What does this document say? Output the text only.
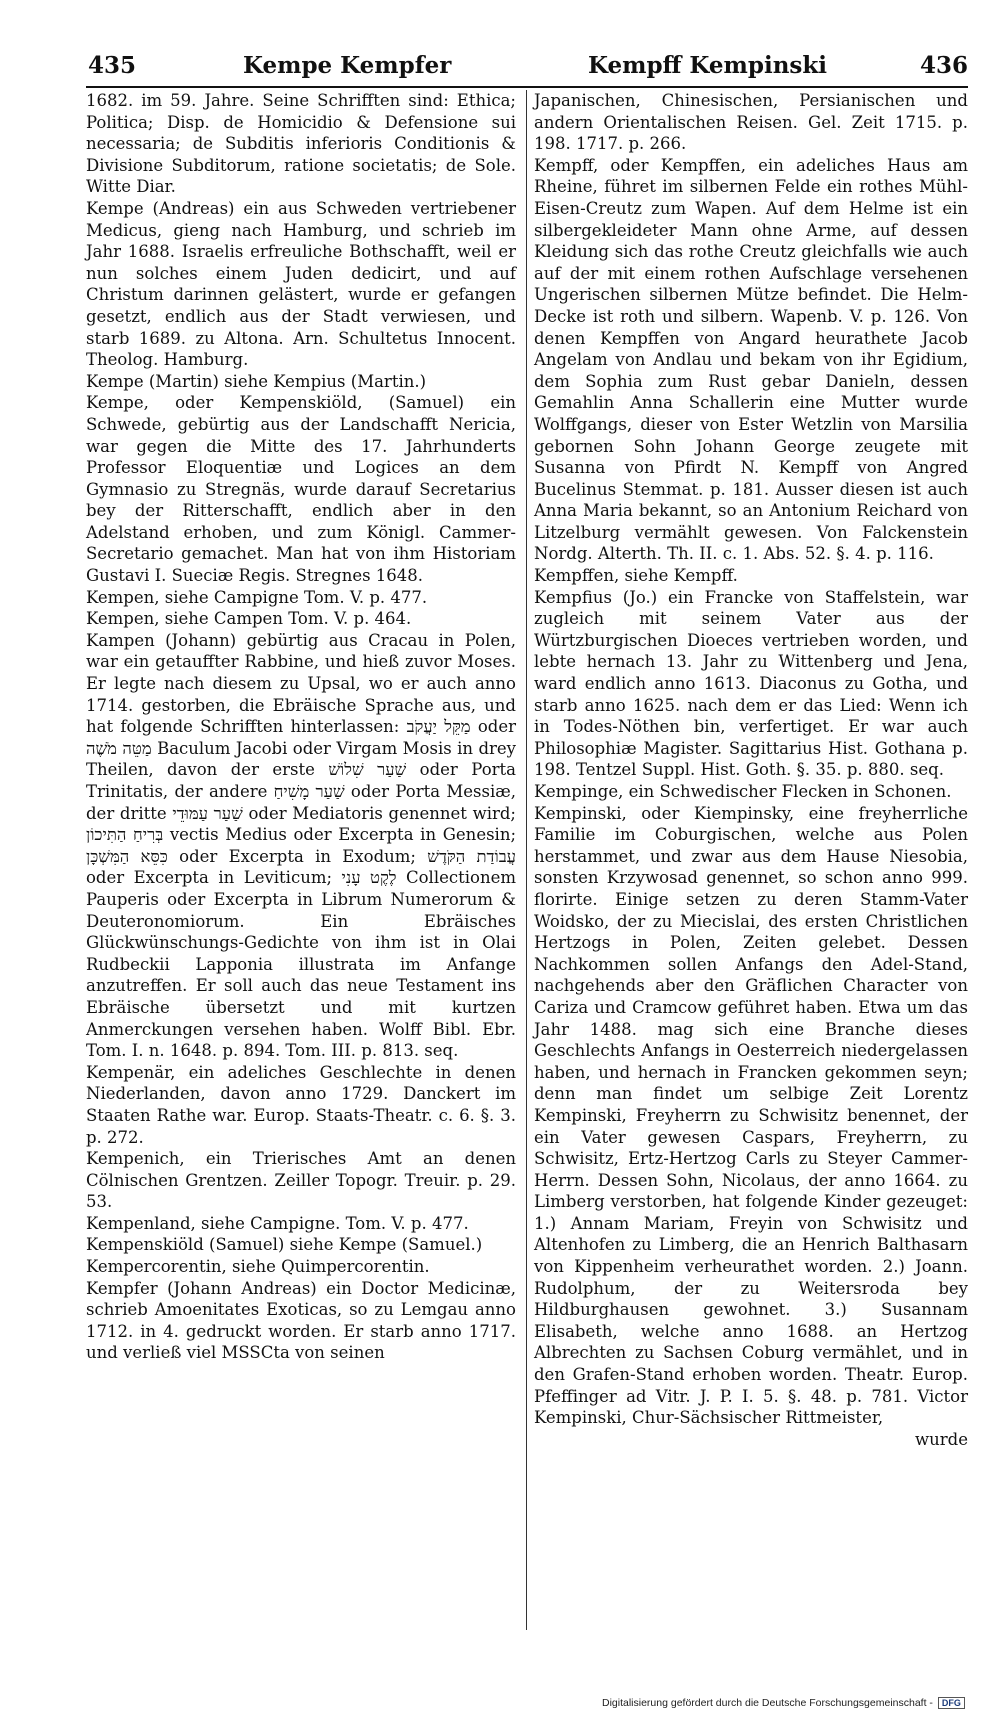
435	Kempe Kempfer	Kempff Kempinski	436

1682. im 59. Jahre. Seine Schrifften sind: Ethica; Politica; Disp. de Homicidio & Defensione sui necessaria; de Subditis inferioris Conditionis & Divisione Subditorum, ratione societatis; de Sole. Witte Diar.

Kempe (Andreas) ein aus Schweden vertriebener Medicus, gieng nach Hamburg, und schrieb im Jahr 1688. Israelis erfreuliche Bothschafft, weil er nun solches einem Juden dedicirt, und auf Christum darinnen gelästert, wurde er gefangen gesetzt, endlich aus der Stadt verwiesen, und starb 1689. zu Altona. Arn. Schultetus Innocent. Theolog. Hamburg.

Kempe (Martin) siehe Kempius (Martin.)

Kempe, oder Kempenskiöld, (Samuel) ein Schwede, gebürtig aus der Landschafft Nericia, war gegen die Mitte des 17. Jahrhunderts Professor Eloquentiæ und Logices an dem Gymnasio zu Stregnäs, wurde darauf Secretarius bey der Ritterschafft, endlich aber in den Adelstand erhoben, und zum Königl. Cammer-Secretario gemachet. Man hat von ihm Historiam Gustavi I. Sueciæ Regis. Stregnes 1648.

Kempen, siehe Campigne Tom. V. p. 477.

Kempen, siehe Campen Tom. V. p. 464.

Kampen (Johann) gebürtig aus Cracau in Polen, war ein getauffter Rabbine, und hieß zuvor Moses. Er legte nach diesem zu Upsal, wo er auch anno 1714. gestorben, die Ebräische Sprache aus, und hat folgende Schrifften hinterlassen: מַקֵּל יַעֲקֹב oder מַטֵּה מֹשֶׁה Baculum Jacobi oder Virgam Mosis in drey Theilen, davon der erste שַׁעַר שִׁלוֹשׁ oder Porta Trinitatis, der andere שַׁעַר מָשִׁיחַ oder Porta Messiæ, der dritte שַׁעַר עַמּוּדֵי oder Mediatoris genennet wird; בְּרִיחַ הַתִּיכוֹן vectis Medius oder Excerpta in Genesin; כִּסֵּא הַמִּשְׁכָּן oder Excerpta in Exodum; עֲבוֹדַת הַקֹּדֶשׁ oder Excerpta in Leviticum; לֶקֶט עָנִי Collectionem Pauperis oder Excerpta in Librum Numerorum & Deuteronomiorum. Ein Ebräisches Glückwünschungs-Gedichte von ihm ist in Olai Rudbeckii Lapponia illustrata im Anfange anzutreffen. Er soll auch das neue Testament ins Ebräische übersetzt und mit kurtzen Anmerckungen versehen haben. Wolff Bibl. Ebr. Tom. I. n. 1648. p. 894. Tom. III. p. 813. seq.

Kempenär, ein adeliches Geschlechte in denen Niederlanden, davon anno 1729. Danckert im Staaten Rathe war. Europ. Staats-Theatr. c. 6. §. 3. p. 272.

Kempenich, ein Trierisches Amt an denen Cölnischen Grentzen. Zeiller Topogr. Treuir. p. 29. 53.

Kempenland, siehe Campigne. Tom. V. p. 477.

Kempenskiöld (Samuel) siehe Kempe (Samuel.)

Kempercorentin, siehe Quimpercorentin.

Kempfer (Johann Andreas) ein Doctor Medicinæ, schrieb Amoenitates Exoticas, so zu Lemgau anno 1712. in 4. gedruckt worden. Er starb anno 1717. und verließ viel MSSCta von seinen

Japanischen, Chinesischen, Persianischen und andern Orientalischen Reisen. Gel. Zeit 1715. p. 198. 1717. p. 266.

Kempff, oder Kempffen, ein adeliches Haus am Rheine, führet im silbernen Felde ein rothes Mühl-Eisen-Creutz zum Wapen. Auf dem Helme ist ein silbergekleideter Mann ohne Arme, auf dessen Kleidung sich das rothe Creutz gleichfalls wie auch auf der mit einem rothen Aufschlage versehenen Ungerischen silbernen Mütze befindet. Die Helm-Decke ist roth und silbern. Wapenb. V. p. 126. Von denen Kempffen von Angard heurathete Jacob Angelam von Andlau und bekam von ihr Egidium, dem Sophia zum Rust gebar Danieln, dessen Gemahlin Anna Schallerin eine Mutter wurde Wolffgangs, dieser von Ester Wetzlin von Marsilia gebornen Sohn Johann George zeugete mit Susanna von Pfirdt N. Kempff von Angred Bucelinus Stemmat. p. 181. Ausser diesen ist auch Anna Maria bekannt, so an Antonium Reichard von Litzelburg vermählt gewesen. Von Falckenstein Nordg. Alterth. Th. II. c. 1. Abs. 52. §. 4. p. 116.

Kempffen, siehe Kempff.

Kempfius (Jo.) ein Francke von Staffelstein, war zugleich mit seinem Vater aus der Würtzburgischen Dioeces vertrieben worden, und lebte hernach 13. Jahr zu Wittenberg und Jena, ward endlich anno 1613. Diaconus zu Gotha, und starb anno 1625. nach dem er das Lied: Wenn ich in Todes-Nöthen bin, verfertiget. Er war auch Philosophiæ Magister. Sagittarius Hist. Gothana p. 198. Tentzel Suppl. Hist. Goth. §. 35. p. 880. seq.

Kempinge, ein Schwedischer Flecken in Schonen.

Kempinski, oder Kiempinsky, eine freyherrliche Familie im Coburgischen, welche aus Polen herstammet, und zwar aus dem Hause Niesobia, sonsten Krzywosad genennet, so schon anno 999. florirte. Einige setzen zu deren Stamm-Vater Woidsko, der zu Miecislai, des ersten Christlichen Hertzogs in Polen, Zeiten gelebet. Dessen Nachkommen sollen Anfangs den Adel-Stand, nachgehends aber den Gräflichen Character von Cariza und Cramcow geführet haben. Etwa um das Jahr 1488. mag sich eine Branche dieses Geschlechts Anfangs in Oesterreich niedergelassen haben, und hernach in Francken gekommen seyn; denn man findet um selbige Zeit Lorentz Kempinski, Freyherrn zu Schwisitz benennet, der ein Vater gewesen Caspars, Freyherrn, zu Schwisitz, Ertz-Hertzog Carls zu Steyer Cammer-Herrn. Dessen Sohn, Nicolaus, der anno 1664. zu Limberg verstorben, hat folgende Kinder gezeuget: 1.) Annam Mariam, Freyin von Schwisitz und Altenhofen zu Limberg, die an Henrich Balthasarn von Kippenheim verheurathet worden. 2.) Joann. Rudolphum, der zu Weitersroda bey Hildburghausen gewohnet. 3.) Susannam Elisabeth, welche anno 1688. an Hertzog Albrechten zu Sachsen Coburg vermählet, und in den Grafen-Stand erhoben worden. Theatr. Europ. Pfeffinger ad Vitr. J. P. I. 5. §. 48. p. 781. Victor Kempinski, Chur-Sächsischer Rittmeister,

wurde

Digitalisierung gefördert durch die Deutsche Forschungsgemeinschaft - DFG
